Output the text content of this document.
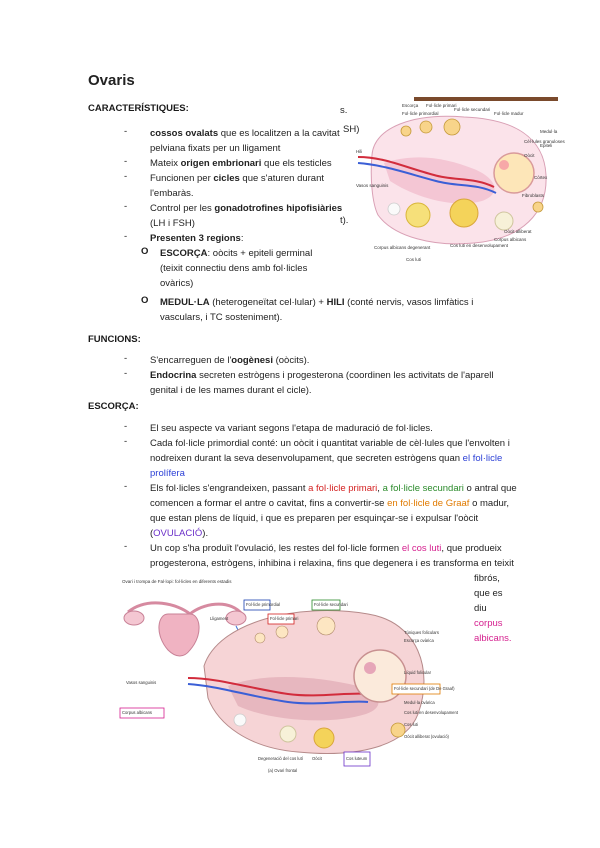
Ovaris
CARACTERÍSTIQUES:
- cossos ovalats que es localitzen a la cavitat
pelviana fixats per un lligament
- Mateix origen embrionari que els testicles
- Funcionen per cicles que s'aturen durant
l'embaràs.
- Control per les gonadotrofines hipofisiàries
(LH i FSH)
- Presenten 3 regions:
s.
SH)
t).
O ESCORÇA: oòcits + epiteli germinal
(teixit connectiu dens amb fol·licles
ovàrics)
O MEDUL·LA (heterogeneïtat cel·lular) + HILI (conté nervis, vasos limfàtics i
vasculars, i TC sosteniment).
FUNCIONS:
- S'encarreguen de l'oogènesi (oòcits).
- Endocrina secreten estrògens i progesterona (coordinen les activitats de l'aparell
genital i de les mames durant el cicle).
ESCORÇA:
- El seu aspecte va variant segons l'etapa de maduració de fol·licles.
- Cada fol·licle primordial conté: un oòcit i quantitat variable de cèl·lules que l'envolten i
nodreixen durant la seva desenvolupament, que secreten estrògens quan el fol·licle
prolífera
- Els fol·licles s'engrandeixen, passant a fol·licle primari, a fol·licle secundari o antral que
comencen a formar el antre o cavitat, fins a convertir-se en fol·licle de Graaf o madur,
que estan plens de líquid, i que es preparen per esquinçar-se i expulsar l'oòcit
(OVULACIÓ).
- Un cop s'ha produït l'ovulació, les restes del fol·licle formen el cos luti, que produeix
progesterona, estrògens, inhibina i relaxina, fins que degenera i es transforma en teixit
fibrós,
que es
diu
corpus
albicans.
Fol·licle primordial
Fol·licle primari
Fol·licle secundari
Fol·licle madur
Escorça
Medul·la
Hili
Vasos sanguinis
Oòcit
Fibroblasts
Corpus albicans degenerant
Cos luti
Cos luti en desenvolupament
Corpus albicans
Oòcit alliberat
Epiteli
Cèl·lules granuloses
Còrtex
Ovari i trompa de Fal·lopi: fol·licles en diferents estadis
Fol·licle primordial
Fol·licle primari
Fol·licle secundari
Fol·licle secundari (de De Graaf)
Corpus albicans
Cos luteum
Lligament
Vasos sanguinis
Túniques foliculars
Escorça ovàrica
Líquid folicular
Medul·la ovàrica
Cos luti en desenvolupament
Cos luti
Oòcit alliberat (ovulació)
Degeneració del cos lutí Oòcit
(a) Ovari frontal
